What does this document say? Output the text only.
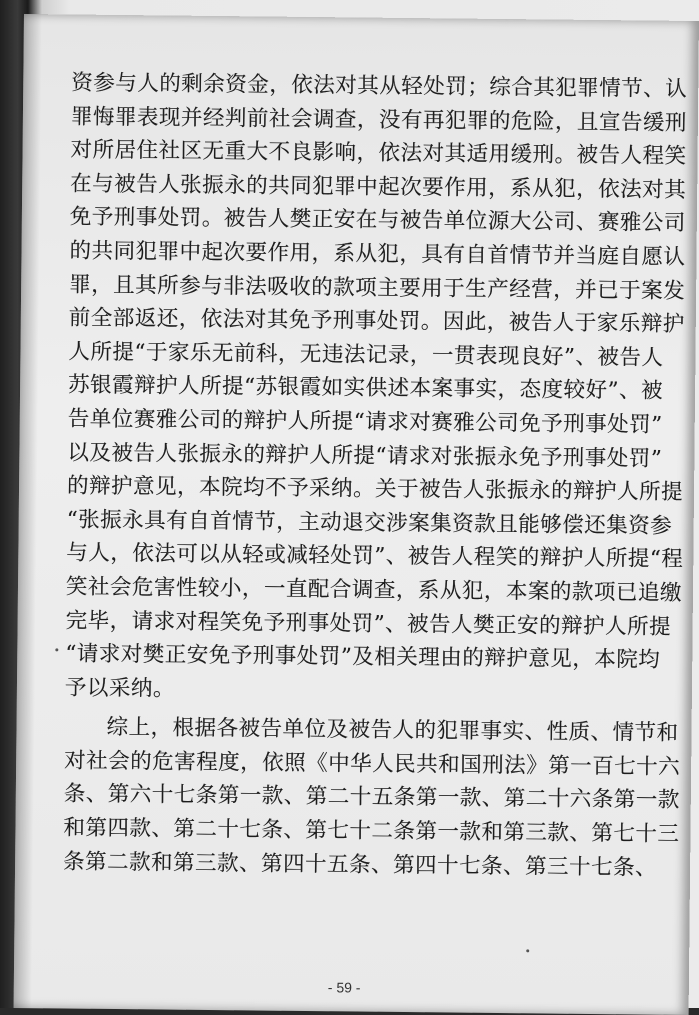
资参与人的剩余资金，依法对其从轻处罚；综合其犯罪情节、认
罪悔罪表现并经判前社会调查，没有再犯罪的危险，且宣告缓刑
对所居住社区无重大不良影响，依法对其适用缓刑。被告人程笑
在与被告人张振永的共同犯罪中起次要作用，系从犯，依法对其
免予刑事处罚。被告人樊正安在与被告单位源大公司、赛雅公司
的共同犯罪中起次要作用，系从犯，具有自首情节并当庭自愿认
罪，且其所参与非法吸收的款项主要用于生产经营，并已于案发
前全部返还，依法对其免予刑事处罚。因此，被告人于家乐辩护
人所提“于家乐无前科，无违法记录，一贯表现良好”、被告人
苏银霞辩护人所提“苏银霞如实供述本案事实，态度较好”、被
告单位赛雅公司的辩护人所提“请求对赛雅公司免予刑事处罚”
以及被告人张振永的辩护人所提“请求对张振永免予刑事处罚”
的辩护意见，本院均不予采纳。关于被告人张振永的辩护人所提
“张振永具有自首情节，主动退交涉案集资款且能够偿还集资参
与人，依法可以从轻或减轻处罚”、被告人程笑的辩护人所提“程
笑社会危害性较小，一直配合调查，系从犯，本案的款项已追缴
完毕，请求对程笑免予刑事处罚”、被告人樊正安的辩护人所提
“请求对樊正安免予刑事处罚”及相关理由的辩护意见，本院均
予以采纳。
综上，根据各被告单位及被告人的犯罪事实、性质、情节和
对社会的危害程度，依照《中华人民共和国刑法》第一百七十六
条、第六十七条第一款、第二十五条第一款、第二十六条第一款
和第四款、第二十七条、第七十二条第一款和第三款、第七十三
条第二款和第三款、第四十五条、第四十七条、第三十七条、
- 59 -
